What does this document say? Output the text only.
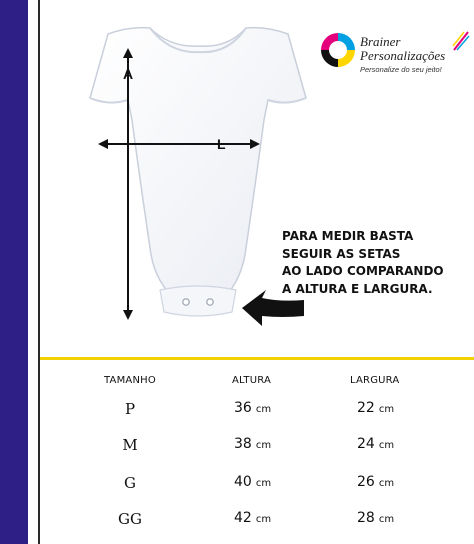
A
L
Brainer
Personalizações
Personalize do seu jeito!
PARA MEDIR BASTA
SEGUIR AS SETAS
AO LADO COMPARANDO
A ALTURA E LARGURA.
TAMANHO	ALTURA	LARGURA
P	36 cm	22 cm
M	38 cm	24 cm
G	40 cm	26 cm
GG	42 cm	28 cm
